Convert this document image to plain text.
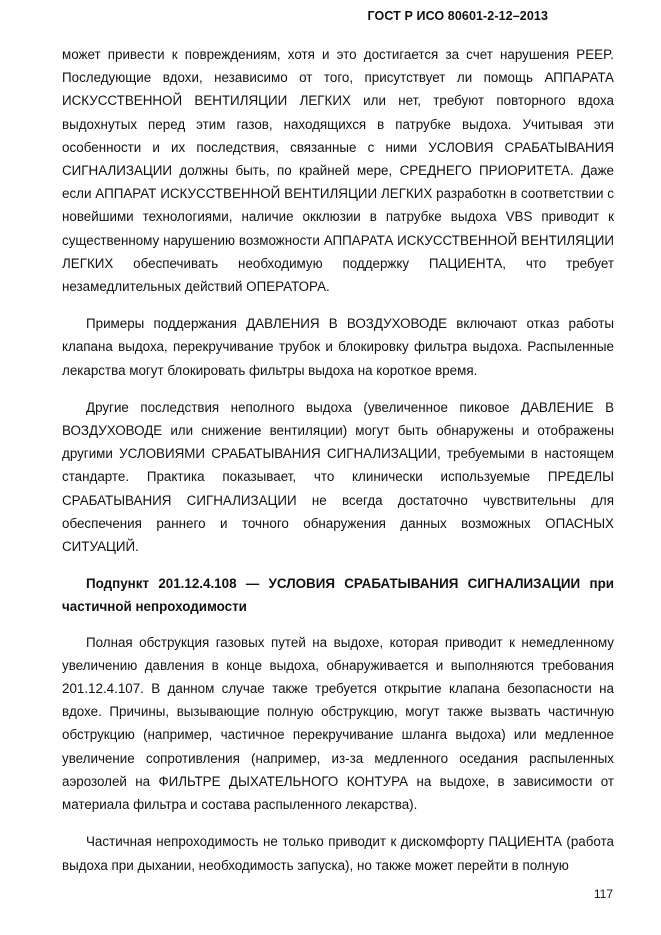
ГОСТ Р ИСО 80601-2-12–2013

может привести к повреждениям, хотя и это достигается за счет нарушения PEEP. Последующие вдохи, независимо от того, присутствует ли помощь АППАРАТА ИСКУССТВЕННОЙ ВЕНТИЛЯЦИИ ЛЕГКИХ или нет, требуют повторного вдоха выдохнутых перед этим газов, находящихся в патрубке выдоха. Учитывая эти особенности и их последствия, связанные с ними УСЛОВИЯ СРАБАТЫВАНИЯ СИГНАЛИЗАЦИИ должны быть, по крайней мере, СРЕДНЕГО ПРИОРИТЕТА. Даже если АППАРАТ ИСКУССТВЕННОЙ ВЕНТИЛЯЦИИ ЛЕГКИХ разработкн в соответствии с новейшими технологиями, наличие окклюзии в патрубке выдоха VBS приводит к существенному нарушению возможности АППАРАТА ИСКУССТВЕННОЙ ВЕНТИЛЯЦИИ ЛЕГКИХ обеспечивать необходимую поддержку ПАЦИЕНТА, что требует незамедлительных действий ОПЕРАТОРА.

Примеры поддержания ДАВЛЕНИЯ В ВОЗДУХОВОДЕ включают отказ работы клапана выдоха, перекручивание трубок и блокировку фильтра выдоха. Распыленные лекарства могут блокировать фильтры выдоха на короткое время.

Другие последствия неполного выдоха (увеличенное пиковое ДАВЛЕНИЕ В ВОЗДУХОВОДЕ или снижение вентиляции) могут быть обнаружены и отображены другими УСЛОВИЯМИ СРАБАТЫВАНИЯ СИГНАЛИЗАЦИИ, требуемыми в настоящем стандарте. Практика показывает, что клинически используемые ПРЕДЕЛЫ СРАБАТЫВАНИЯ СИГНАЛИЗАЦИИ не всегда достаточно чувствительны для обеспечения раннего и точного обнаружения данных возможных ОПАСНЫХ СИТУАЦИЙ.

Подпункт 201.12.4.108 — УСЛОВИЯ СРАБАТЫВАНИЯ СИГНАЛИЗАЦИИ при частичной непроходимости

Полная обструкция газовых путей на выдохе, которая приводит к немедленному увеличению давления в конце выдоха, обнаруживается и выполняются требования 201.12.4.107. В данном случае также требуется открытие клапана безопасности на вдохе. Причины, вызывающие полную обструкцию, могут также вызвать частичную обструкцию (например, частичное перекручивание шланга выдоха) или медленное увеличение сопротивления (например, из-за медленного оседания распыленных аэрозолей на ФИЛЬТРЕ ДЫХАТЕЛЬНОГО КОНТУРА на выдохе, в зависимости от материала фильтра и состава распыленного лекарства).

Частичная непроходимость не только приводит к дискомфорту ПАЦИЕНТА (работа выдоха при дыхании, необходимость запуска), но также может перейти в полную

117
